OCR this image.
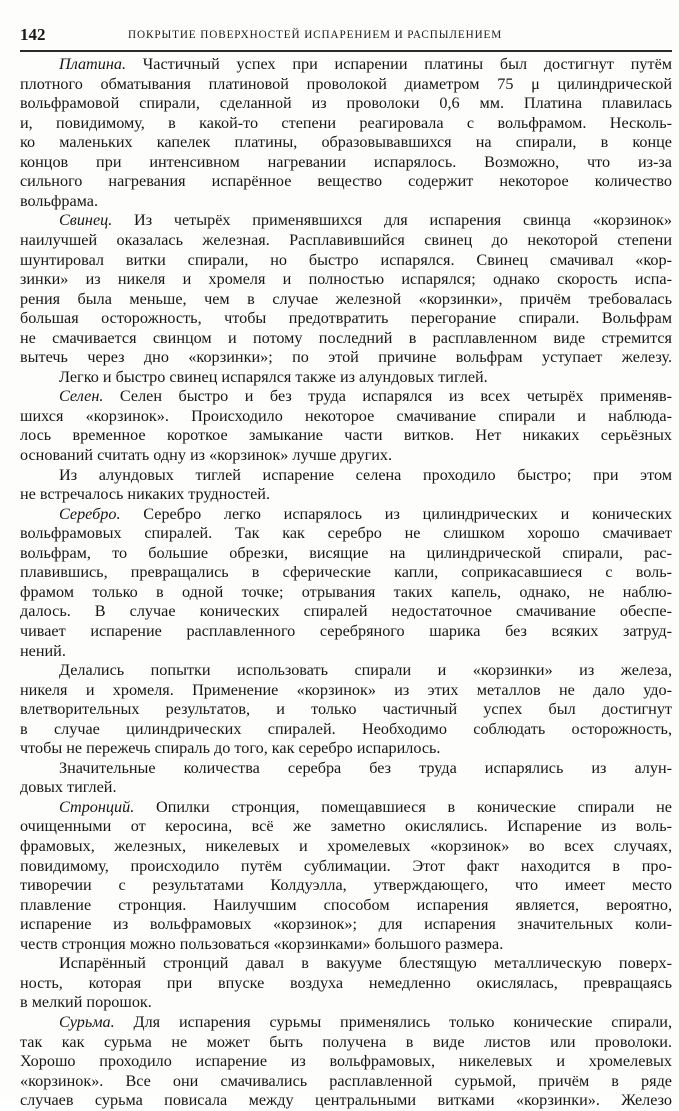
142	ПОКРЫТИЕ ПОВЕРХНОСТЕЙ ИСПАРЕНИЕМ И РАСПЫЛЕНИЕМ
Платина. Частичный успех при испарении платины был достигнут путём
плотного обматывания платиновой проволокой диаметром 75 μ цилиндрической
вольфрамовой спирали, сделанной из проволоки 0,6 мм. Платина плавилась
и, повидимому, в какой-то степени реагировала с вольфрамом. Несколь-
ко маленьких капелек платины, образовывавшихся на спирали, в конце
концов при интенсивном нагревании испарялось. Возможно, что из-за
сильного нагревания испарённое вещество содержит некоторое количество
вольфрама.
Свинец. Из четырёх применявшихся для испарения свинца «корзинок»
наилучшей оказалась железная. Расплавившийся свинец до некоторой степени
шунтировал витки спирали, но быстро испарялся. Свинец смачивал «кор-
зинки» из никеля и хромеля и полностью испарялся; однако скорость испа-
рения была меньше, чем в случае железной «корзинки», причём требовалась
большая осторожность, чтобы предотвратить перегорание спирали. Вольфрам
не смачивается свинцом и потому последний в расплавленном виде стремится
вытечь через дно «корзинки»; по этой причине вольфрам уступает железу.
Легко и быстро свинец испарялся также из алундовых тиглей.
Селен. Селен быстро и без труда испарялся из всех четырёх применяв-
шихся «корзинок». Происходило некоторое смачивание спирали и наблюда-
лось временное короткое замыкание части витков. Нет никаких серьёзных
оснований считать одну из «корзинок» лучше других.
Из алундовых тиглей испарение селена проходило быстро; при этом
не встречалось никаких трудностей.
Серебро. Серебро легко испарялось из цилиндрических и конических
вольфрамовых спиралей. Так как серебро не слишком хорошо смачивает
вольфрам, то большие обрезки, висящие на цилиндрической спирали, рас-
плавившись, превращались в сферические капли, соприкасавшиеся с воль-
фрамом только в одной точке; отрывания таких капель, однако, не наблю-
далось. В случае конических спиралей недостаточное смачивание обеспе-
чивает испарение расплавленного серебряного шарика без всяких затруд-
нений.
Делались попытки использовать спирали и «корзинки» из железа,
никеля и хромеля. Применение «корзинок» из этих металлов не дало удо-
влетворительных результатов, и только частичный успех был достигнут
в случае цилиндрических спиралей. Необходимо соблюдать осторожность,
чтобы не пережечь спираль до того, как серебро испарилось.
Значительные количества серебра без труда испарялись из алун-
довых тиглей.
Стронций. Опилки стронция, помещавшиеся в конические спирали не
очищенными от керосина, всё же заметно окислялись. Испарение из воль-
фрамовых, железных, никелевых и хромелевых «корзинок» во всех случаях,
повидимому, происходило путём сублимации. Этот факт находится в про-
тиворечии с результатами Колдуэлла, утверждающего, что имеет место
плавление стронция. Наилучшим способом испарения является, вероятно,
испарение из вольфрамовых «корзинок»; для испарения значительных коли-
честв стронция можно пользоваться «корзинками» большого размера.
Испарённый стронций давал в вакууме блестящую металлическую поверх-
ность, которая при впуске воздуха немедленно окислялась, превращаясь
в мелкий порошок.
Сурьма. Для испарения сурьмы применялись только конические спирали,
так как сурьма не может быть получена в виде листов или проволоки.
Хорошо проходило испарение из вольфрамовых, никелевых и хромелевых
«корзинок». Все они смачивались расплавленной сурьмой, причём в ряде
случаев сурьма повисала между центральными витками «корзинки». Железо
